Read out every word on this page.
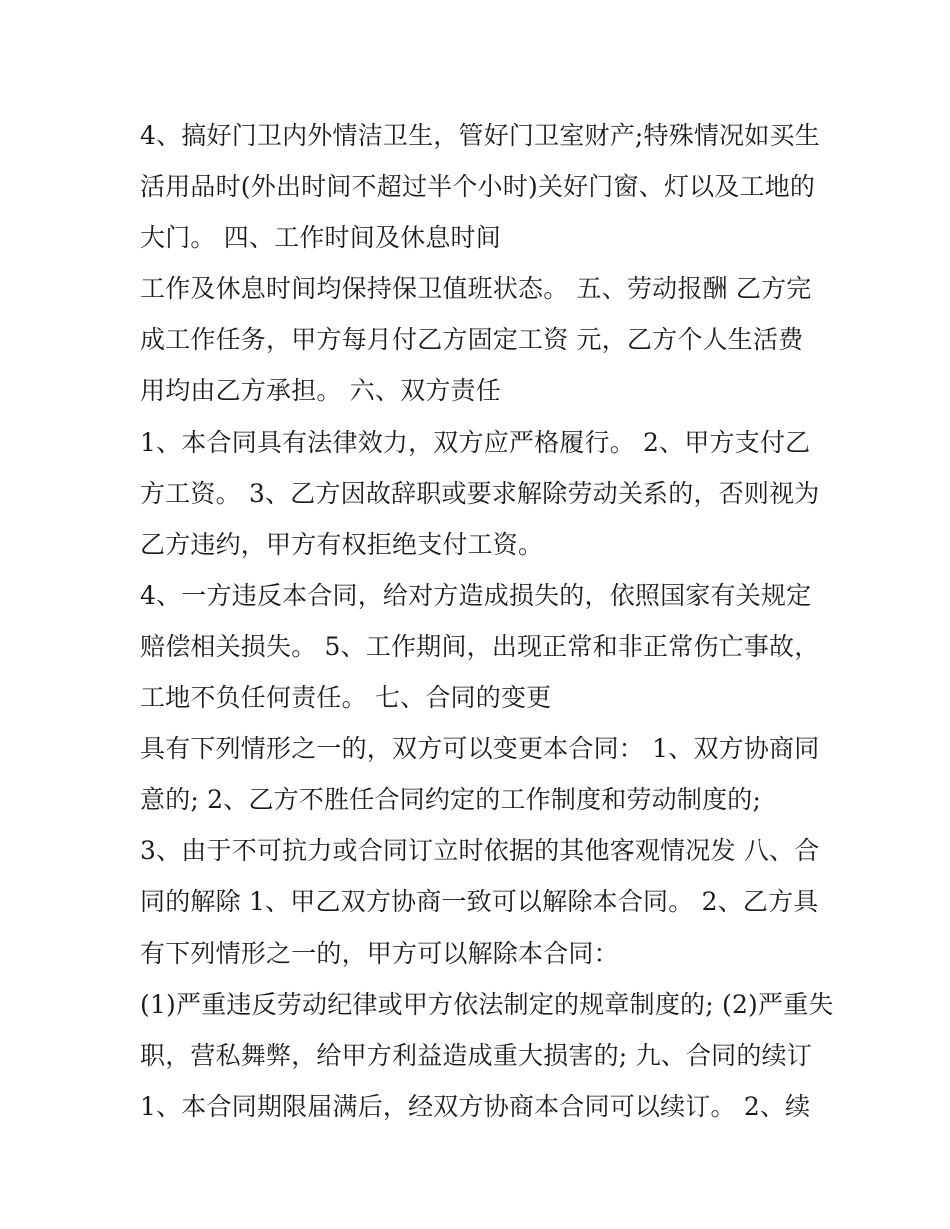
4、搞好门卫内外情洁卫生，管好门卫室财产;特殊情况如买生
活用品时(外出时间不超过半个小时)关好门窗、灯以及工地的
大门。 四、工作时间及休息时间
工作及休息时间均保持保卫值班状态。 五、劳动报酬 乙方完
成工作任务，甲方每月付乙方固定工资 元，乙方个人生活费
用均由乙方承担。 六、双方责任
1、本合同具有法律效力，双方应严格履行。 2、甲方支付乙
方工资。 3、乙方因故辞职或要求解除劳动关系的，否则视为
乙方违约，甲方有权拒绝支付工资。
4、一方违反本合同，给对方造成损失的，依照国家有关规定
赔偿相关损失。 5、工作期间，出现正常和非正常伤亡事故，
工地不负任何责任。 七、合同的变更
具有下列情形之一的，双方可以变更本合同： 1、双方协商同
意的; 2、乙方不胜任合同约定的工作制度和劳动制度的;
3、由于不可抗力或合同订立时依据的其他客观情况发 八、合
同的解除 1、甲乙双方协商一致可以解除本合同。 2、乙方具
有下列情形之一的，甲方可以解除本合同：
(1)严重违反劳动纪律或甲方依法制定的规章制度的; (2)严重失
职，营私舞弊，给甲方利益造成重大损害的; 九、合同的续订
1、本合同期限届满后，经双方协商本合同可以续订。 2、续
